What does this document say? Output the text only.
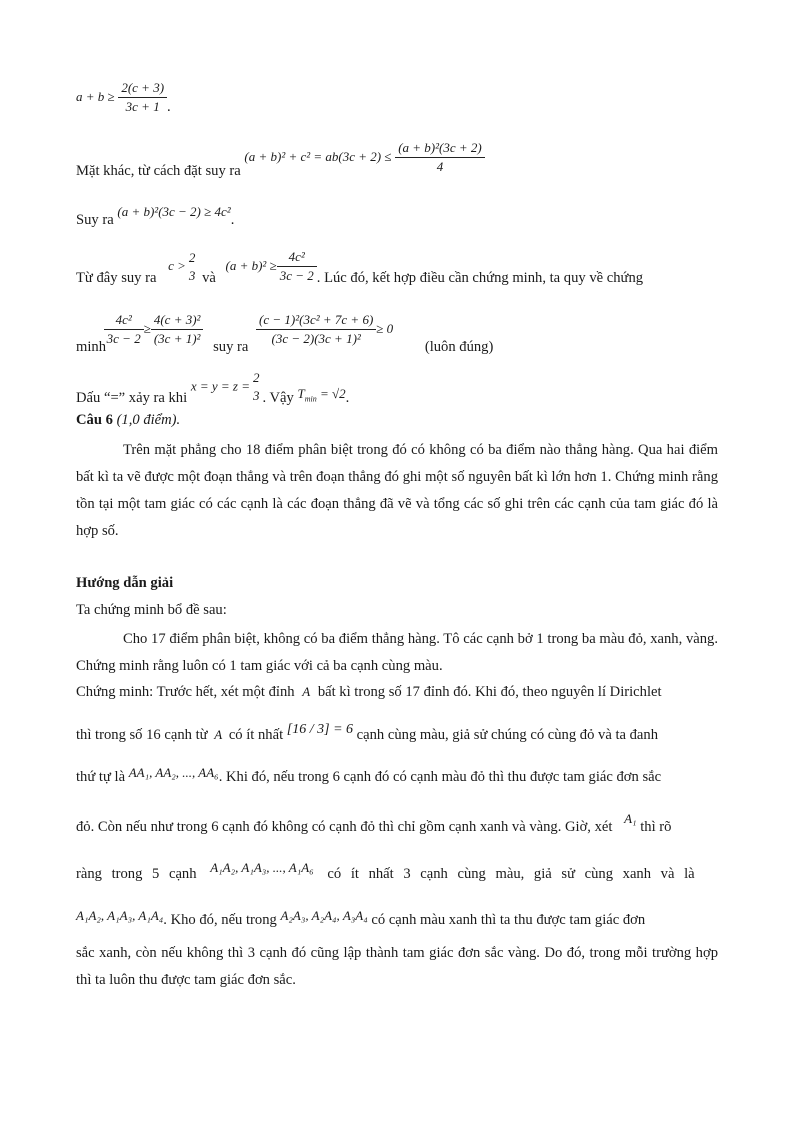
$a + b \ge \frac{2(c + 3)}{3c + 1}$ .
Mặt khác, từ cách đặt suy ra $(a + b)^2 + c^2 = ab(3c + 2) \le \frac{\text{(a + b)²(3c + 2)}}{4}$
Suy ra (a + b)²(3c − 2) ≥ 4c².
Từ đây suy ra c >
2
3 và $(a + b)^2 \ge \frac{\text{4c²}}{3c - 2}$ . Lúc đó, kết hợp điều cần chứng minh, ta quy về chứng
minh
$\frac{\text{4c²}}{3c - 2} \ge \frac{\text{4(c + 3)²}}{\text{(3c + 1)²}}$ suy ra $\frac{\text{(c − 1)²(3c² + 7c + 6)}}{\text{(3c − 2)(3c + 1)²}} \ge 0$ (luôn đúng)
Dấu “=” xảy ra khi x = y = z =
2
3 . Vậy $T_{min} = √2$.
Câu 6 (1,0 điểm).
Trên mặt phẳng cho 18 điểm phân biệt trong đó có không có ba điểm nào thẳng hàng. Qua hai điểm bất kì ta vẽ được một đoạn thẳng và trên đoạn thẳng đó ghi một số nguyên bất kì lớn hơn 1. Chứng minh rằng tồn tại một tam giác có các cạnh là các đoạn thẳng đã vẽ và tổng các số ghi trên các cạnh của tam giác đó là hợp số.
Hướng dẫn giải
Ta chứng minh bổ đề sau:
Cho 17 điểm phân biệt, không có ba điểm thẳng hàng. Tô các cạnh bở 1 trong ba màu đỏ, xanh, vàng. Chứng minh rằng luôn có 1 tam giác với cả ba cạnh cùng màu.
Chứng minh: Trước hết, xét một đỉnh A bất kì trong số 17 đỉnh đó. Khi đó, theo nguyên lí Dirichlet
thì trong số 16 cạnh từ A có ít nhất [16 / 3] = 6 cạnh cùng màu, giả sử chúng có cùng đỏ và ta đanh
thứ tự là AA₁, AA₂, ..., AA₆. Khi đó, nếu trong 6 cạnh đó có cạnh màu đỏ thì thu được tam giác đơn sắc
đỏ. Còn nếu như trong 6 cạnh đó không có cạnh đỏ thì chỉ gồm cạnh xanh và vàng. Giờ, xét A₁ thì rõ
ràng trong 5 cạnh A₁A₂, A₁A₃, ..., A₁A₆ có ít nhất 3 cạnh cùng màu, giả sử cùng xanh và là
A₁A₂, A₁A₃, A₁A₄. Kho đó, nếu trong A₂A₃, A₂A₄, A₃A₄ có cạnh màu xanh thì ta thu được tam giác đơn
sắc xanh, còn nếu không thì 3 cạnh đó cũng lập thành tam giác đơn sắc vàng. Do đó, trong mỗi trường hợp thì ta luôn thu được tam giác đơn sắc.
